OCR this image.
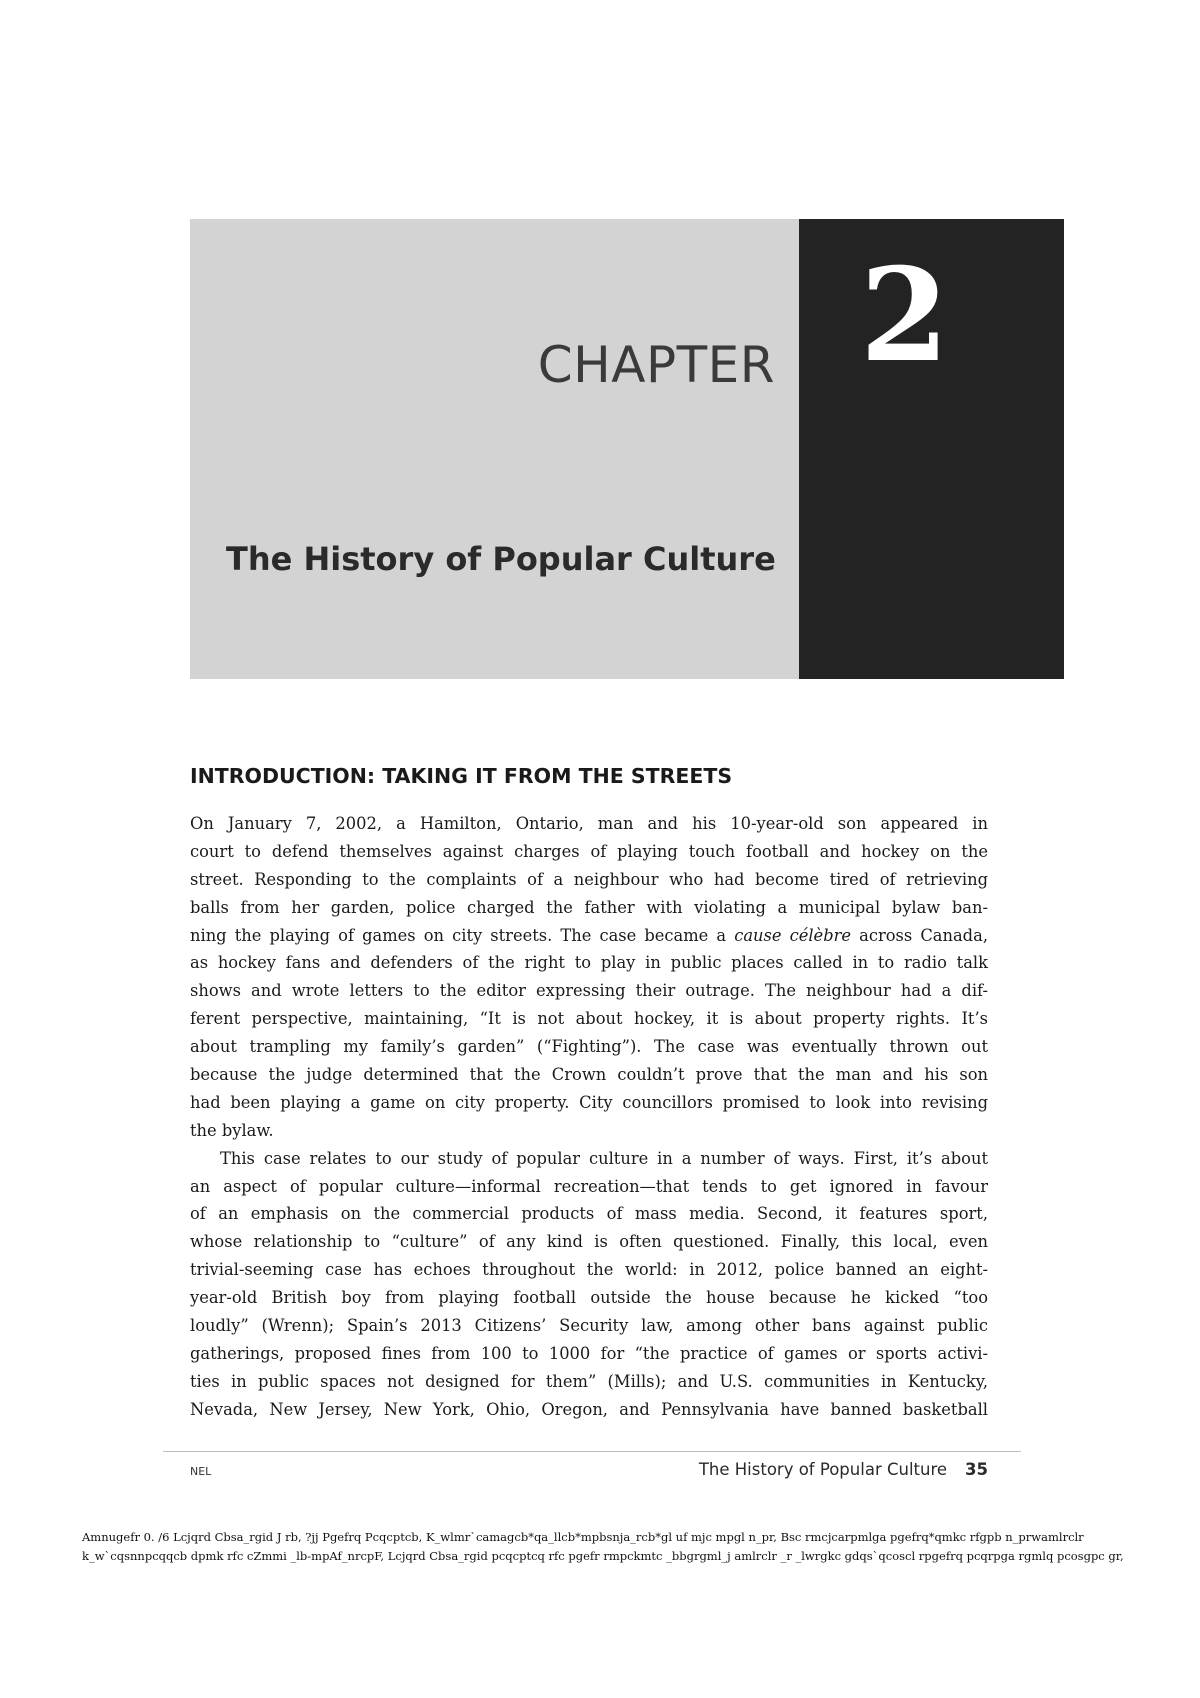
CHAPTER 2
The History of Popular Culture
INTRODUCTION: TAKING IT FROM THE STREETS
On January 7, 2002, a Hamilton, Ontario, man and his 10-year-old son appeared in
court to defend themselves against charges of playing touch football and hockey on the
street. Responding to the complaints of a neighbour who had become tired of retrieving
balls from her garden, police charged the father with violating a municipal bylaw ban-
ning the playing of games on city streets. The case became a cause célèbre across Canada,
as hockey fans and defenders of the right to play in public places called in to radio talk
shows and wrote letters to the editor expressing their outrage. The neighbour had a dif-
ferent perspective, maintaining, “It is not about hockey, it is about property rights. It’s
about trampling my family’s garden” (“Fighting”). The case was eventually thrown out
because the judge determined that the Crown couldn’t prove that the man and his son
had been playing a game on city property. City councillors promised to look into revising
the bylaw.
This case relates to our study of popular culture in a number of ways. First, it’s about
an aspect of popular culture—informal recreation—that tends to get ignored in favour
of an emphasis on the commercial products of mass media. Second, it features sport,
whose relationship to “culture” of any kind is often questioned. Finally, this local, even
trivial-seeming case has echoes throughout the world: in 2012, police banned an eight-
year-old British boy from playing football outside the house because he kicked “too
loudly” (Wrenn); Spain’s 2013 Citizens’ Security law, among other bans against public
gatherings, proposed fines from 100 to 1000 for “the practice of games or sports activi-
ties in public spaces not designed for them” (Mills); and U.S. communities in Kentucky,
Nevada, New Jersey, New York, Ohio, Oregon, and Pennsylvania have banned basketball
NEL	The History of Popular Culture 35
Amnugefr 0. /6 Lcjqrd Cbsa_rgid J rb, ?jj Pgefrq Pcqcptcb, K_wlmr`camagcb*qa_llcb*mpbsnja_rcb*gl uf mjc mpgl n_pr, Bsc rmcjcarpmlga pgefrq*qmkc rfgpb n_prwamlrclr
k_w`cqsnnpcqqcb dpmk rfc cZmmi _lb-mpAf_nrcpF, Lcjqrd Cbsa_rgid pcqcptcq rfc pgefr rmpckmtc _bbgrgml_j amlrclr _r _lwrgkc gdqs`qcoscl rpgefrq pcqrpga rgmlq pcosgpc gr,
